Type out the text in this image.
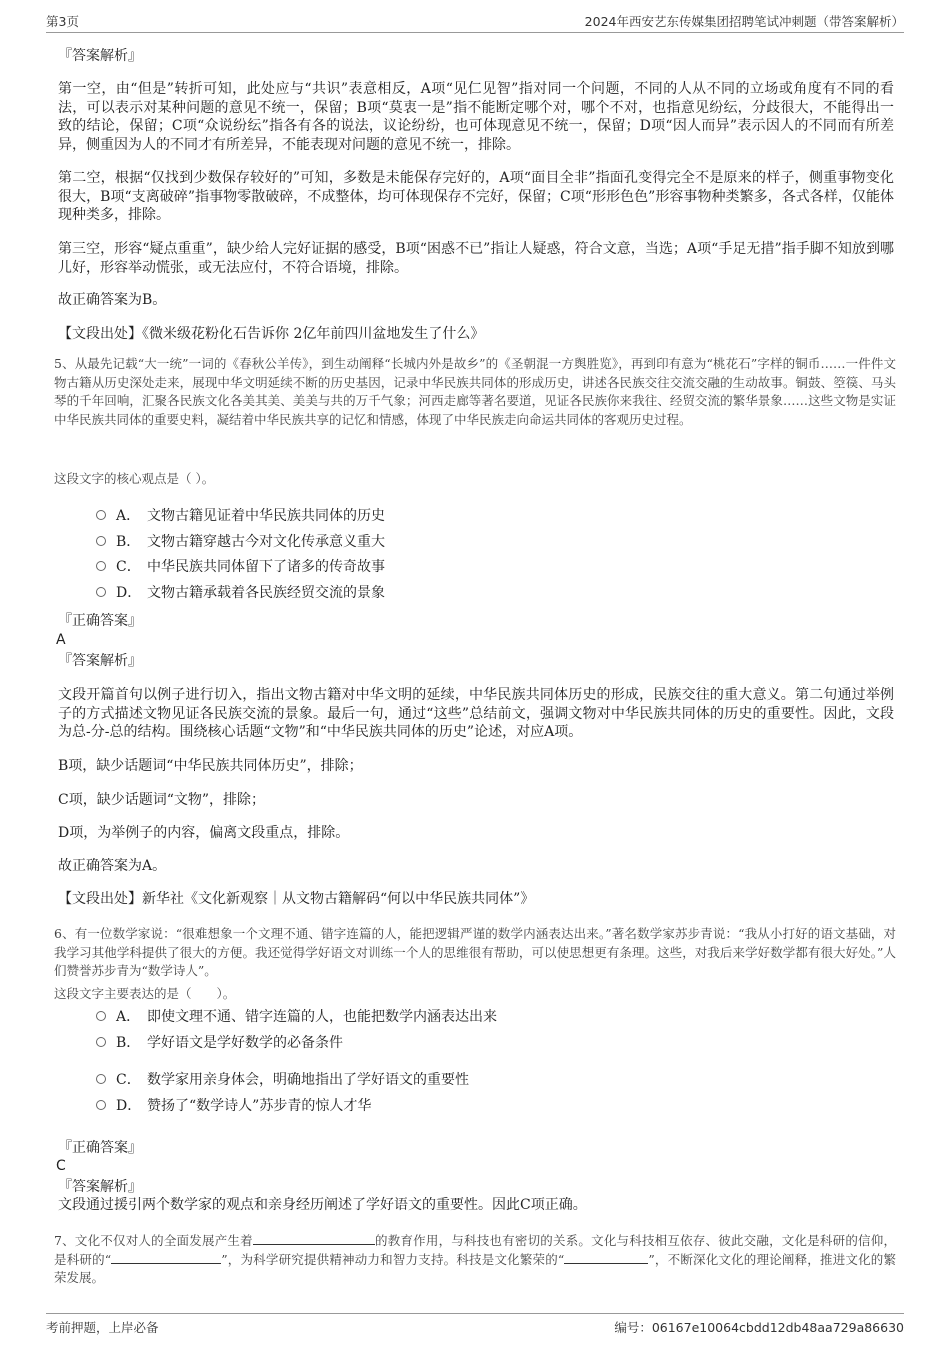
第3页	2024年西安艺东传媒集团招聘笔试冲刺题（带答案解析）
『答案解析』
第一空，由“但是”转折可知，此处应与“共识”表意相反，A项“见仁见智”指对同一个问题，不同的人从不同的立场或角度有不同的看法，可以表示对某种问题的意见不统一，保留；B项“莫衷一是”指不能断定哪个对，哪个不对，也指意见纷纭，分歧很大，不能得出一致的结论，保留；C项“众说纷纭”指各有各的说法，议论纷纷，也可体现意见不统一，保留；D项“因人而异”表示因人的不同而有所差异，侧重因为人的不同才有所差异，不能表现对问题的意见不统一，排除。
第二空，根据“仅找到少数保存较好的”可知，多数是未能保存完好的，A项“面目全非”指面孔变得完全不是原来的样子，侧重事物变化很大，B项“支离破碎”指事物零散破碎，不成整体，均可体现保存不完好，保留；C项“形形色色”形容事物种类繁多，各式各样，仅能体现种类多，排除。
第三空，形容“疑点重重”，缺少给人完好证据的感受，B项“困惑不已”指让人疑惑，符合文意，当选；A项“手足无措”指手脚不知放到哪儿好，形容举动慌张，或无法应付，不符合语境，排除。
故正确答案为B。
【文段出处】《微米级花粉化石告诉你 2亿年前四川盆地发生了什么》
5、从最先记载“大一统”一词的《春秋公羊传》，到生动阐释“长城内外是故乡”的《圣朝混一方舆胜览》，再到印有意为“桃花石”字样的铜币……一件件文物古籍从历史深处走来，展现中华文明延续不断的历史基因，记录中华民族共同体的形成历史，讲述各民族交往交流交融的生动故事。铜鼓、箜篌、马头琴的千年回响，汇聚各民族文化各美其美、美美与共的万千气象；河西走廊等著名要道，见证各民族你来我往、经贸交流的繁华景象……这些文物是实证中华民族共同体的重要史料，凝结着中华民族共享的记忆和情感，体现了中华民族走向命运共同体的客观历史过程。
这段文字的核心观点是（ ）。
A． 文物古籍见证着中华民族共同体的历史
B． 文物古籍穿越古今对文化传承意义重大
C． 中华民族共同体留下了诸多的传奇故事
D． 文物古籍承载着各民族经贸交流的景象
『正确答案』
A
『答案解析』
文段开篇首句以例子进行切入，指出文物古籍对中华文明的延续，中华民族共同体历史的形成，民族交往的重大意义。第二句通过举例子的方式描述文物见证各民族交流的景象。最后一句，通过“这些”总结前文，强调文物对中华民族共同体的历史的重要性。因此，文段为总-分-总的结构。围绕核心话题“文物”和“中华民族共同体的历史”论述，对应A项。
B项，缺少话题词“中华民族共同体历史”，排除；
C项，缺少话题词“文物”，排除；
D项，为举例子的内容，偏离文段重点，排除。
故正确答案为A。
【文段出处】新华社《文化新观察｜从文物古籍解码“何以中华民族共同体”》
6、有一位数学家说：“很难想象一个文理不通、错字连篇的人，能把逻辑严谨的数学内涵表达出来。”著名数学家苏步青说：“我从小打好的语文基础，对我学习其他学科提供了很大的方便。我还觉得学好语文对训练一个人的思维很有帮助，可以使思想更有条理。这些，对我后来学好数学都有很大好处。”人们赞誉苏步青为“数学诗人”。
这段文字主要表达的是（　　）。
A． 即使文理不通、错字连篇的人，也能把数学内涵表达出来
B． 学好语文是学好数学的必备条件
C． 数学家用亲身体会，明确地指出了学好语文的重要性
D． 赞扬了“数学诗人”苏步青的惊人才华
『正确答案』
C
『答案解析』
文段通过援引两个数学家的观点和亲身经历阐述了学好语文的重要性。因此C项正确。
7、文化不仅对人的全面发展产生着	的教育作用，与科技也有密切的关系。文化与科技相互依存、彼此交融，文化是科研的信仰，是科研的“	”，为科学研究提供精神动力和智力支持。科技是文化繁荣的“	”，不断深化文化的理论阐释，推进文化的繁荣发展。
考前押题，上岸必备	编号：06167e10064cbdd12db48aa729a86630
